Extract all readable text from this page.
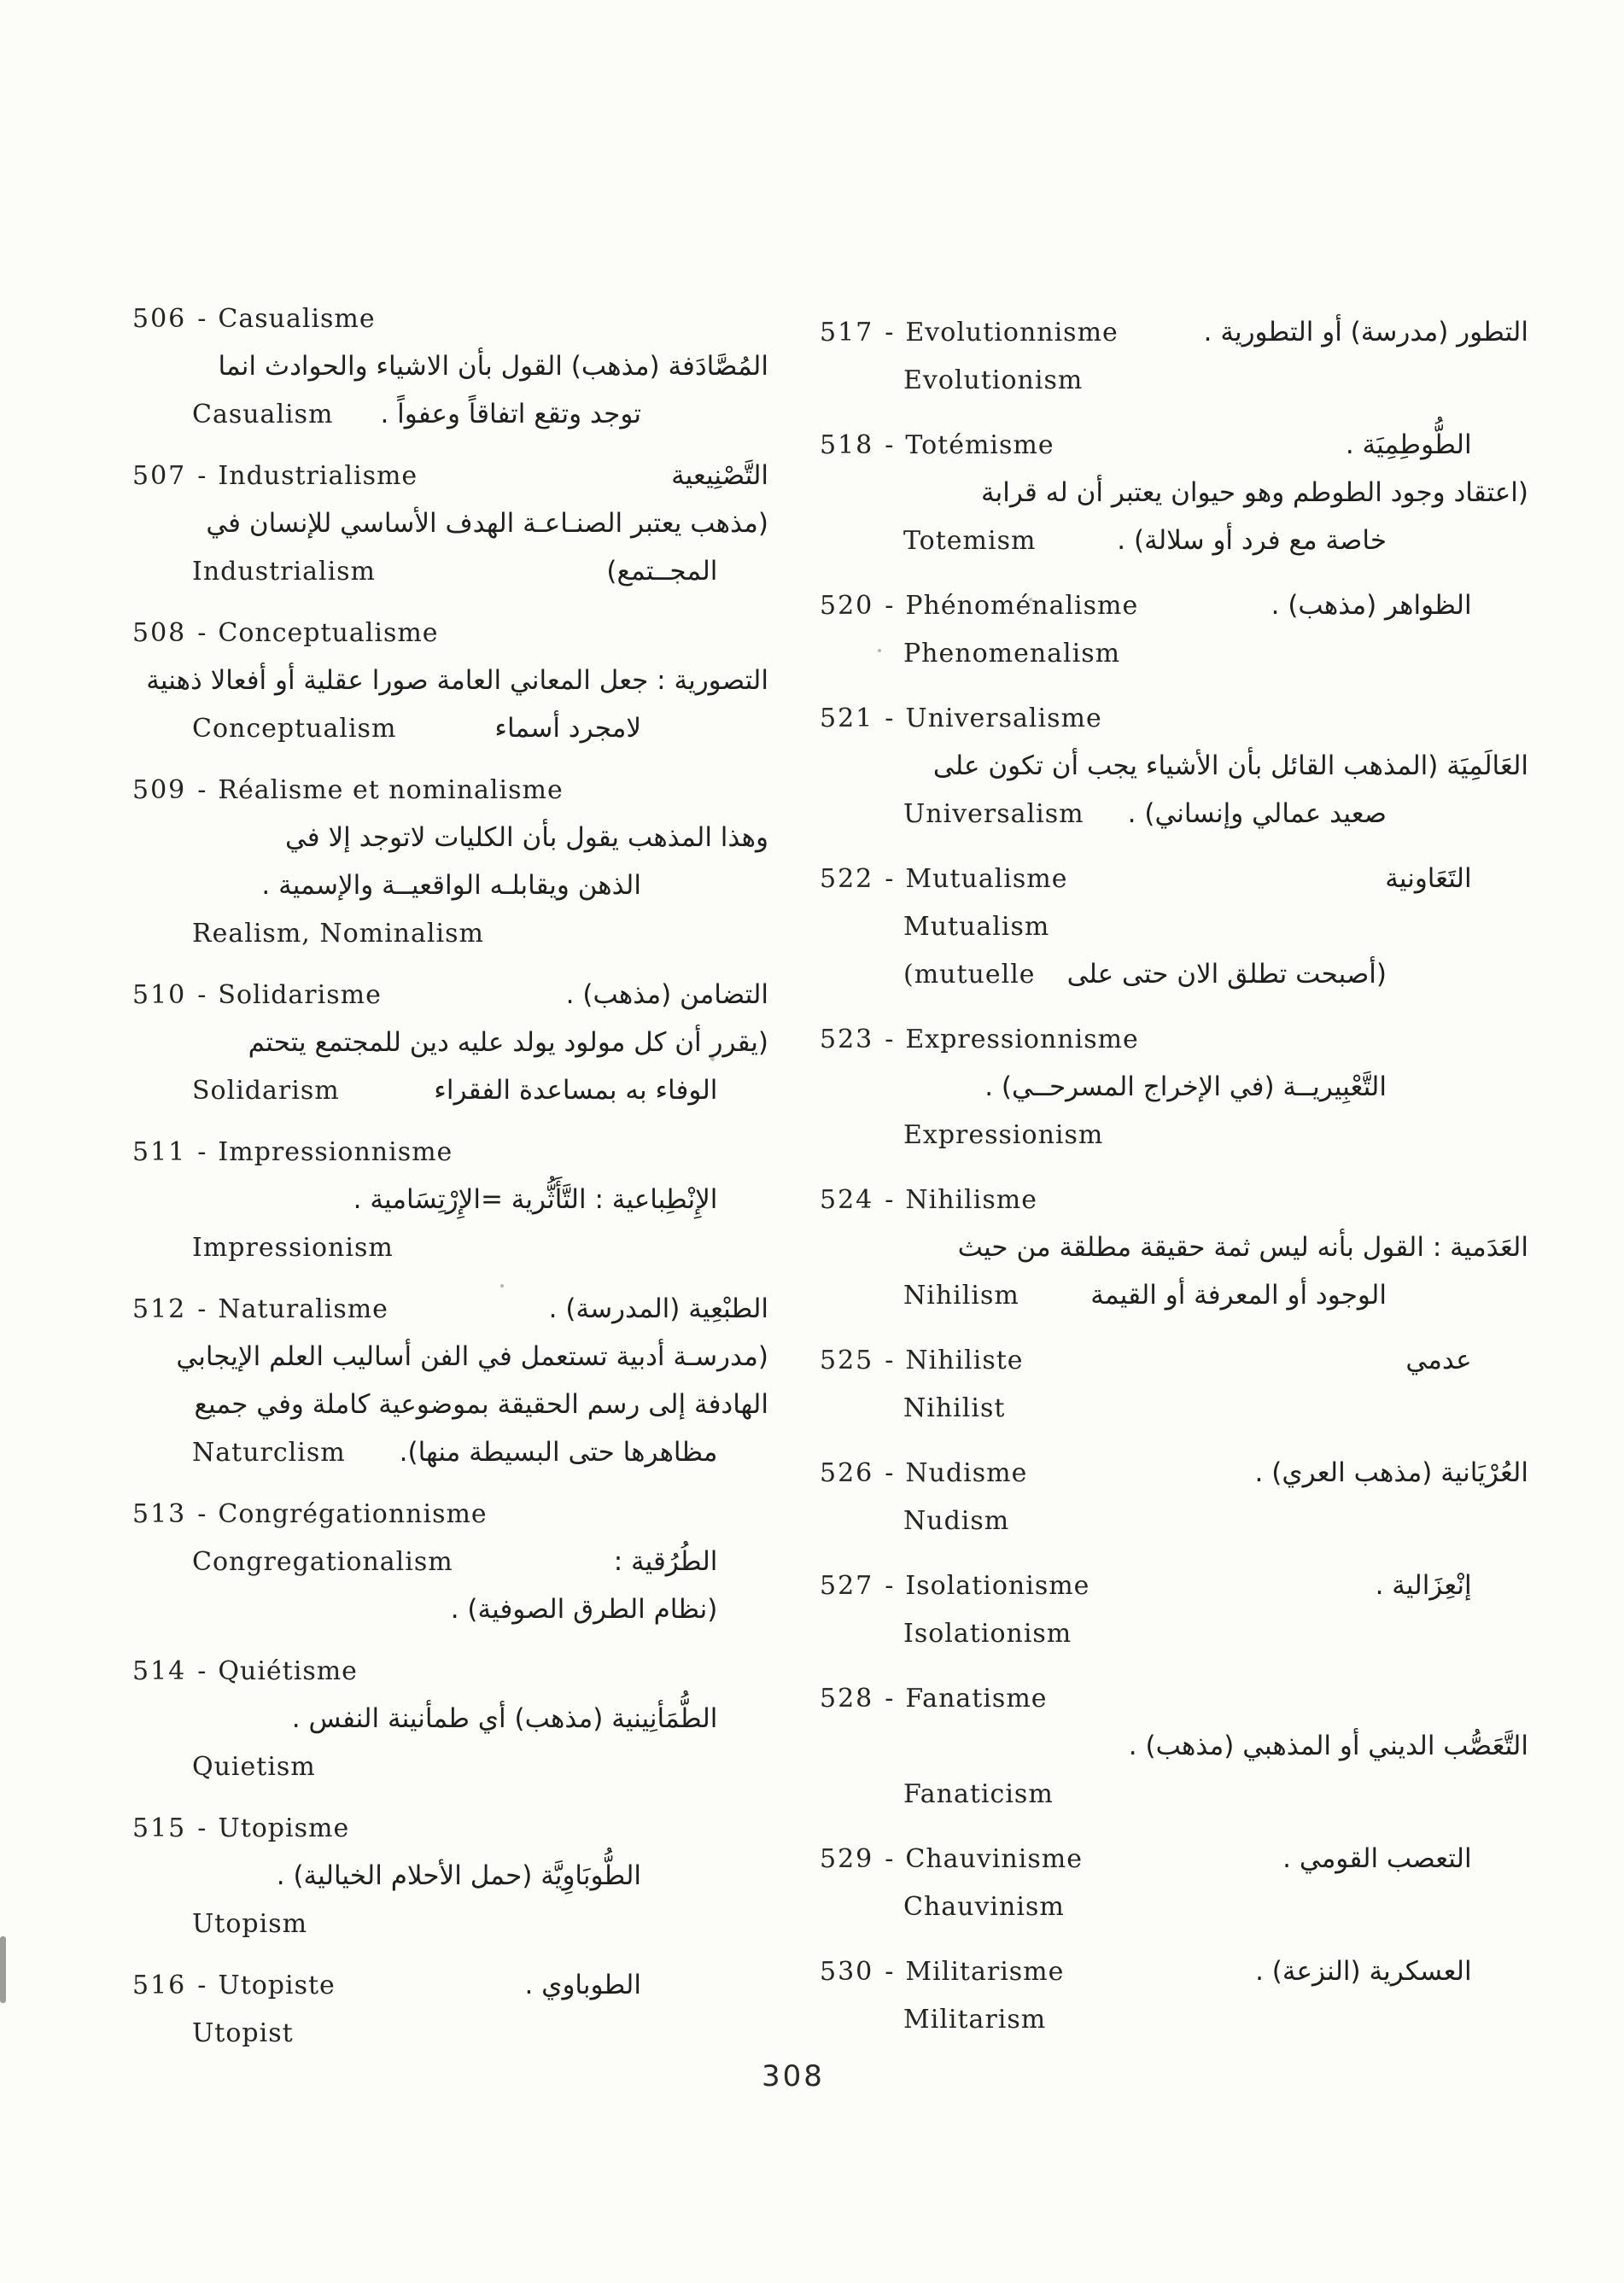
506 - Casualisme
المُصَّادَفة (مذهب) القول بأن الاشياء والحوادث انما
Casualism توجد وتقع اتفاقاً وعفواً .
507 - Industrialisme	التَّصْنِيعية
(مذهب يعتبر الصنـاعـة الهدف الأساسي للإنسان في
Industrialism	المجــتمع)
508 - Conceptualisme
التصورية : جعل المعاني العامة صورا عقلية أو أفعالا ذهنية
Conceptualism	لامجرد أسماء
509 - Réalisme et nominalisme
وهذا المذهب يقول بأن الكليات لاتوجد إلا في
الذهن ويقابلـه الواقعيــة والإسمية .
Realism, Nominalism
510 - Solidarisme	التضامن (مذهب) .
(يقرر أن كل مولود يولد عليه دين للمجتمع يتحتم
Solidarism	الوفاء به بمساعدة الفقراء
511 - Impressionnisme
الإِنْطِباعية : التَّأَثُّرية =الإِرْتِسَامية .
Impressionism
512 - Naturalisme	الطبْعِية (المدرسة) .
(مدرسـة أدبية تستعمل في الفن أساليب العلم الإيجابي
الهادفة إلى رسم الحقيقة بموضوعية كاملة وفي جميع
Naturclism مظاهرها حتى البسيطة منها).
513 - Congrégationnisme
Congregationalism	الطُرُقية :
(نظام الطرق الصوفية) .
514 - Quiétisme
الطُّمَأنِينية (مذهب) أي طمأنينة النفس .
Quietism
515 - Utopisme
الطُّوبَاوِيَّة (حمل الأحلام الخيالية) .
Utopism
516 - Utopiste	الطوباوي .
Utopist
517 - Evolutionnisme	التطور (مدرسة) أو التطورية .
Evolutionism
518 - Totémisme	الطُّوطِمِيَة .
(اعتقاد وجود الطوطم وهو حيوان يعتبر أن له قرابة
Totemism	خاصة مع فرد أو سلالة) .
520 - Phénoménalisme	الظواهر (مذهب) .
Phenomenalism
521 - Universalisme
العَالَمِيَة (المذهب القائل بأن الأشياء يجب أن تكون على
Universalism صعيد عمالي وإنساني) .
522 - Mutualisme	التَعَاونية
Mutualism
(mutuelle (أصبحت تطلق الان حتى على
523 - Expressionnisme
التَّعْبِيريــة (في الإخراج المسرحــي) .
Expressionism
524 - Nihilisme
العَدَمية : القول بأنه ليس ثمة حقيقة مطلقة من حيث
Nihilism	الوجود أو المعرفة أو القيمة
525 - Nihiliste	عدمي
Nihilist
526 - Nudisme	العُرْيَانية (مذهب العري) .
Nudism
527 - Isolationisme	إنْعِزَالية .
Isolationism
528 - Fanatisme
التَّعَصُّب الديني أو المذهبي (مذهب) .
Fanaticism
529 - Chauvinisme	التعصب القومي .
Chauvinism
530 - Militarisme	العسكرية (النزعة) .
Militarism
308
